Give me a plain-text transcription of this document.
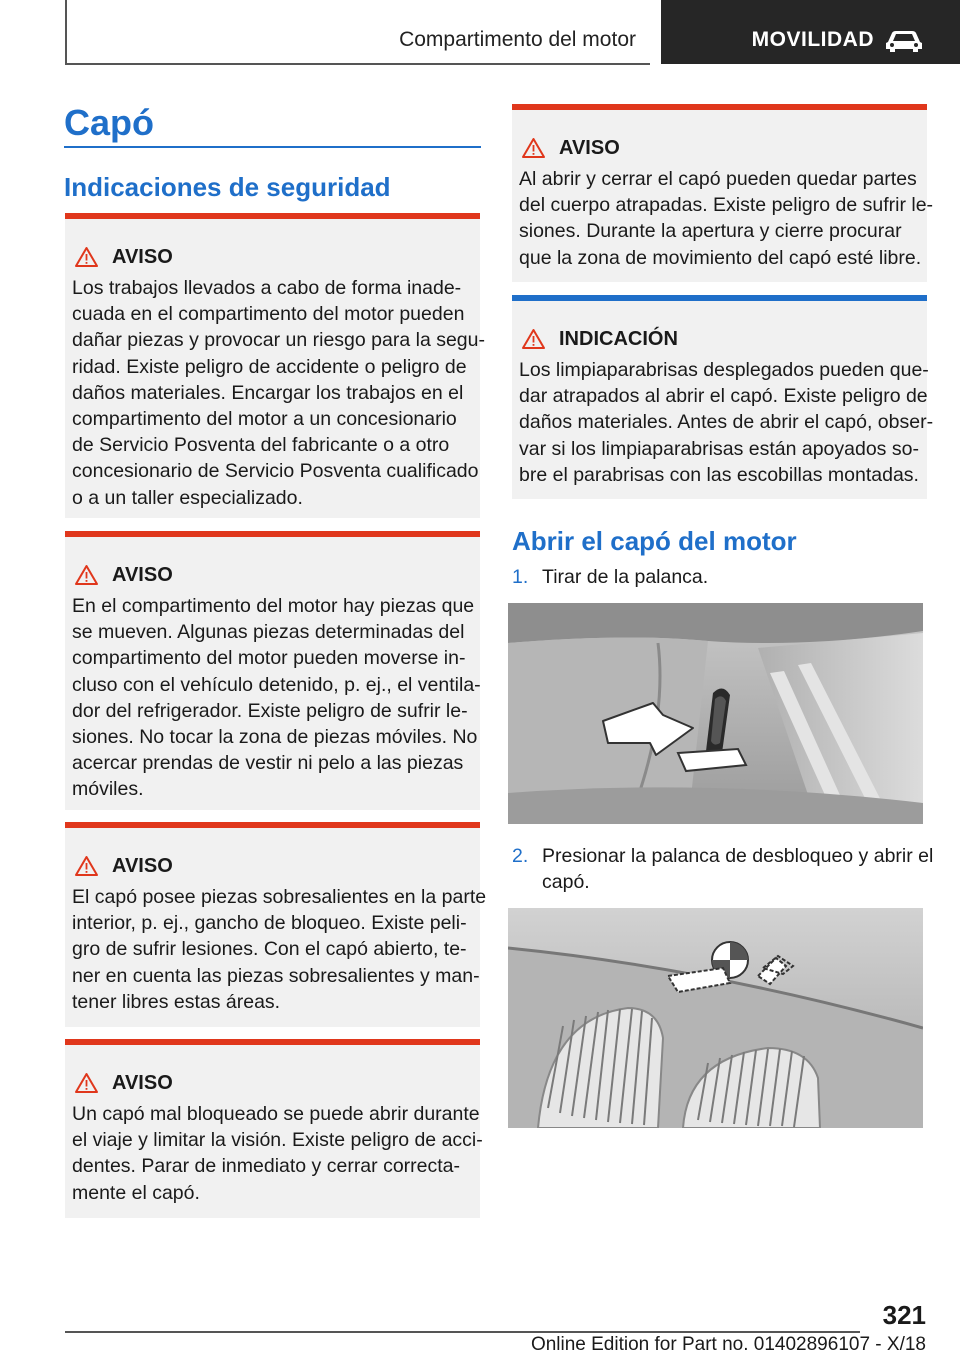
Compartimento del motor	MOVILIDAD
Capó
Indicaciones de seguridad
AVISO
Los trabajos llevados a cabo de forma inade-
cuada en el compartimento del motor pueden
dañar piezas y provocar un riesgo para la segu-
ridad. Existe peligro de accidente o peligro de
daños materiales. Encargar los trabajos en el
compartimento del motor a un concesionario
de Servicio Posventa del fabricante o a otro
concesionario de Servicio Posventa cualificado
o a un taller especializado.
AVISO
En el compartimento del motor hay piezas que
se mueven. Algunas piezas determinadas del
compartimento del motor pueden moverse in-
cluso con el vehículo detenido, p. ej., el ventila-
dor del refrigerador. Existe peligro de sufrir le-
siones. No tocar la zona de piezas móviles. No
acercar prendas de vestir ni pelo a las piezas
móviles.
AVISO
El capó posee piezas sobresalientes en la parte
interior, p. ej., gancho de bloqueo. Existe peli-
gro de sufrir lesiones. Con el capó abierto, te-
ner en cuenta las piezas sobresalientes y man-
tener libres estas áreas.
AVISO
Un capó mal bloqueado se puede abrir durante
el viaje y limitar la visión. Existe peligro de acci-
dentes. Parar de inmediato y cerrar correcta-
mente el capó.
AVISO
Al abrir y cerrar el capó pueden quedar partes
del cuerpo atrapadas. Existe peligro de sufrir le-
siones. Durante la apertura y cierre procurar
que la zona de movimiento del capó esté libre.
INDICACIÓN
Los limpiaparabrisas desplegados pueden que-
dar atrapados al abrir el capó. Existe peligro de
daños materiales. Antes de abrir el capó, obser-
var si los limpiaparabrisas están apoyados so-
bre el parabrisas con las escobillas montadas.
Abrir el capó del motor
1. Tirar de la palanca.
2. Presionar la palanca de desbloqueo y abrir el
capó.
321
Online Edition for Part no. 01402896107 - X/18
